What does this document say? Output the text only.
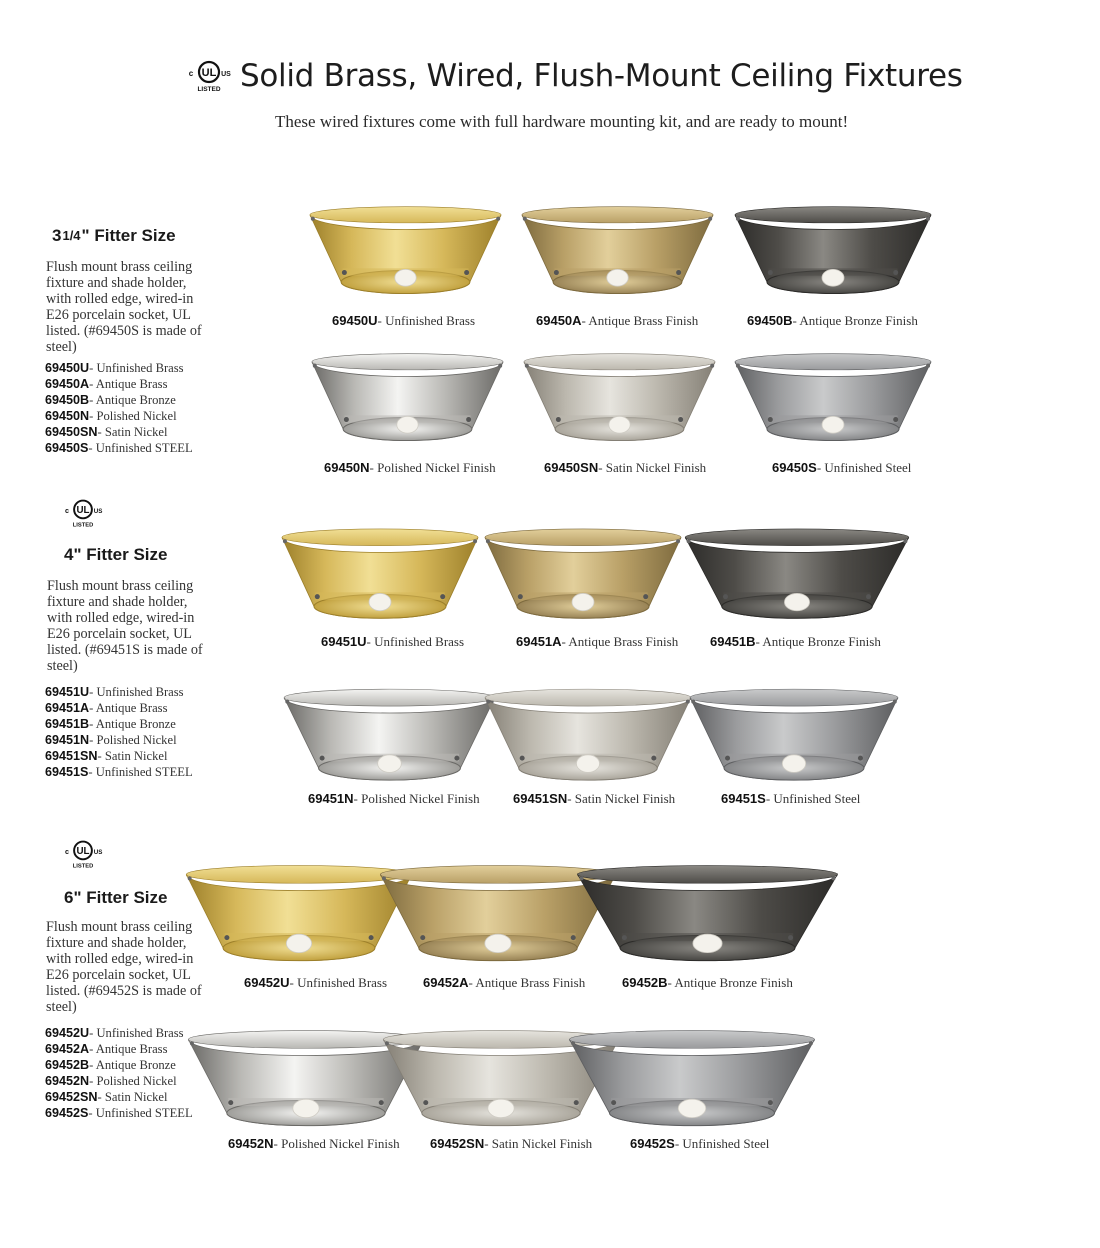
UL
c	US
LISTED Solid Brass, Wired, Flush-Mount Ceiling Fixtures
These wired fixtures come with full hardware mounting kit, and are ready to mount!
31/4" Fitter Size
Flush mount brass ceiling fixture and shade holder, with rolled edge, wired-in E26 porcelain socket, UL listed. (#69450S is made of steel)
69450U- Unfinished Brass
69450A- Antique Brass
69450B- Antique Bronze
69450N- Polished Nickel
69450SN- Satin Nickel
69450S- Unfinished STEEL
69450U- Unfinished Brass	69450A- Antique Brass Finish	69450B- Antique Bronze Finish
69450N- Polished Nickel Finish	69450SN- Satin Nickel Finish	69450S- Unfinished Steel
UL
c	US
LISTED
4" Fitter Size
Flush mount brass ceiling fixture and shade holder, with rolled edge, wired-in E26 porcelain socket, UL listed. (#69451S is made of steel)
69451U- Unfinished Brass
69451A- Antique Brass
69451B- Antique Bronze
69451N- Polished Nickel
69451SN- Satin Nickel
69451S- Unfinished STEEL
69451U- Unfinished Brass	69451A- Antique Brass Finish 69451B- Antique Bronze Finish
69451N- Polished Nickel Finish	69451SN- Satin Nickel Finish	69451S- Unfinished Steel
UL
c	US
LISTED
6" Fitter Size
Flush mount brass ceiling fixture and shade holder, with rolled edge, wired-in E26 porcelain socket, UL listed. (#69452S is made of steel)
69452U- Unfinished Brass
69452A- Antique Brass
69452B- Antique Bronze
69452N- Polished Nickel
69452SN- Satin Nickel
69452S- Unfinished STEEL
69452U- Unfinished Brass	69452A- Antique Brass Finish	69452B- Antique Bronze Finish
69452N- Polished Nickel Finish 69452SN- Satin Nickel Finish	69452S- Unfinished Steel
